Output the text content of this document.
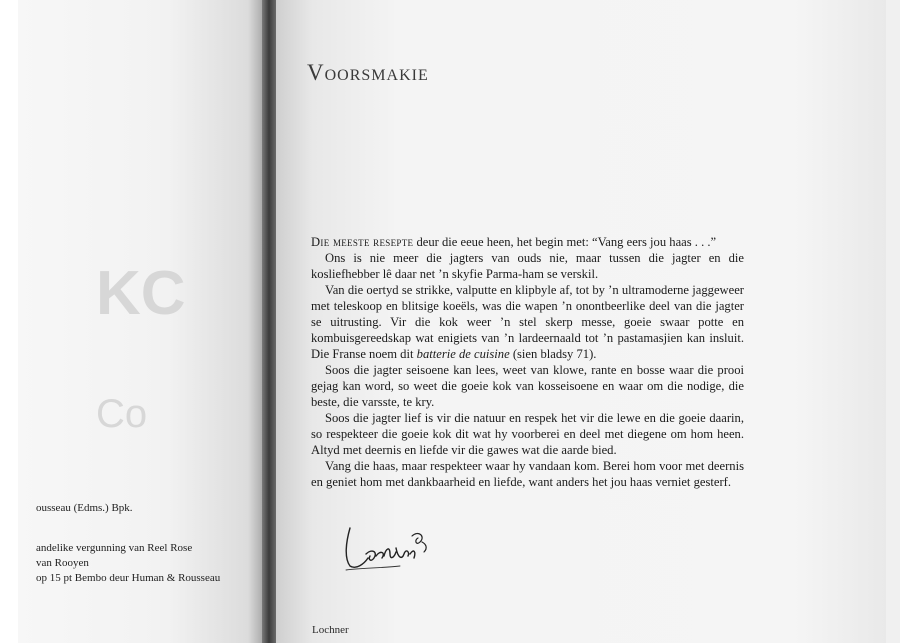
KC
Co
ousseau (Edms.) Bpk.
andelike vergunning van Reel Rose
van Rooyen
op 15 pt Bembo deur Human & Rousseau
Voorsmakie

Die meeste resepte deur die eeue heen, het begin met: “Vang eers jou haas . . .”

Ons is nie meer die jagters van ouds nie, maar tussen die jagter en die kosliefhebber lê daar net ’n skyfie Parma-ham se verskil.

Van die oertyd se strikke, valputte en klipbyle af, tot by ’n ultramoderne jaggeweer met teleskoop en blitsige koeëls, was die wapen ’n onontbeerlike deel van die jagter se uitrusting. Vir die kok weer ’n stel skerp messe, goeie swaar potte en kombuisgereedskap wat enigiets van ’n lardeernaald tot ’n pastamasjien kan insluit. Die Franse noem dit batterie de cuisine (sien bladsy 71).

Soos die jagter seisoene kan lees, weet van klowe, rante en bosse waar die prooi gejag kan word, so weet die goeie kok van kosseisoene en waar om die nodige, die beste, die varsste, te kry.

Soos die jagter lief is vir die natuur en respek het vir die lewe en die goeie daarin, so respekteer die goeie kok dit wat hy voorberei en deel met diegene om hom heen. Altyd met deernis en liefde vir die gawes wat die aarde bied.

Vang die haas, maar respekteer waar hy vandaan kom. Berei hom voor met deernis en geniet hom met dankbaarheid en liefde, want anders het jou haas verniet gesterf.

Lochner
